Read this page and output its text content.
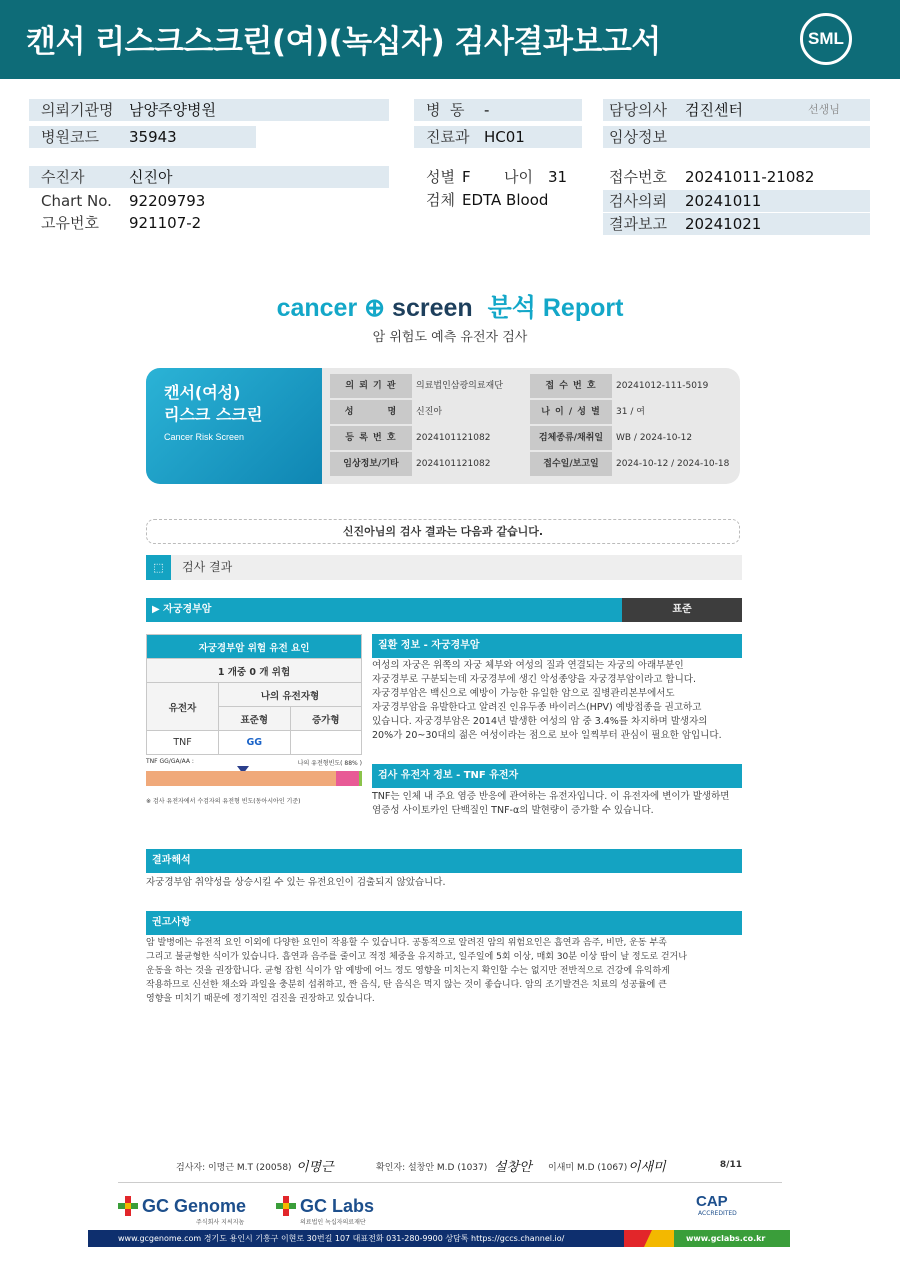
캔서 리스크스크린(여)(녹십자) 검사결과보고서	SML
의뢰기관명 남양주양병원
병원코드 35943
수진자	신진아
Chart No. 92209793
고유번호 921107-2
병  동 -
진료과 HC01
성별 F 나이 31
검체 EDTA Blood
담당의사 검진센터	선생님
임상정보
접수번호 20241011-21082
검사의뢰 20241011
결과보고 20241021
cancer ⊕ screen 분석 Report
암 위험도 예측 유전자 검사
캔서(여성)
리스크 스크린
Cancer Risk Screen
의 뢰 기 관	의료법인삼광의료재단	접 수 번 호	20241012-111-5019
성        명	신진아	나 이 / 성 별	31 / 여
등 록 번 호	2024101121082	검체종류/채취일	WB / 2024-10-12
임상정보/기타	2024101121082	접수일/보고일	2024-10-12 / 2024-10-18
신진아님의 검사 결과는 다음과 같습니다.
⬚	검사 결과
▶ 자궁경부암	표준
자궁경부암 위험 유전 요인		
1 개중 0 개 위험		
유전자	나의 유전자형	
	표준형	증가형
TNF	GG	
TNF GG/GA/AA :	나의 유전형빈도( 88% )
※ 검사 유전자에서 수검자의 유전형 빈도(동아시아인 기준)
질환 정보 - 자궁경부암
여성의 자궁은 위쪽의 자궁 체부와 여성의 질과 연결되는 자궁의 아래부분인
자궁경부로 구분되는데 자궁경부에 생긴 악성종양을 자궁경부암이라고 합니다.
자궁경부암은 백신으로 예방이 가능한 유일한 암으로 질병관리본부에서도
자궁경부암을 유발한다고 알려진 인유두종 바이러스(HPV) 예방접종을 권고하고
있습니다. 자궁경부암은 2014년 발생한 여성의 암 중 3.4%를 차지하며 발생자의
20%가 20~30대의 젊은 여성이라는 점으로 보아 일찍부터 관심이 필요한 암입니다.
검사 유전자 정보 - TNF 유전자
TNF는 인체 내 주요 염증 반응에 관여하는 유전자입니다. 이 유전자에 변이가 발생하면
염증성 사이토카인 단백질인 TNF-α의 발현량이 증가할 수 있습니다.
결과해석
자궁경부암 취약성을 상승시킬 수 있는 유전요인이 검출되지 않았습니다.
권고사항
암 발병에는 유전적 요인 이외에 다양한 요인이 작용할 수 있습니다. 공통적으로 알려진 암의 위험요인은 흡연과 음주, 비만, 운동 부족
그리고 불균형한 식이가 있습니다. 흡연과 음주를 줄이고 적정 체중을 유지하고, 일주일에 5회 이상, 매회 30분 이상 땀이 날 정도로 걷거나
운동을 하는 것을 권장합니다. 균형 잡힌 식이가 암 예방에 어느 정도 영향을 미치는지 확인할 수는 없지만 전반적으로 건강에 유익하게
작용하므로 신선한 채소와 과일을 충분히 섭취하고, 짠 음식, 탄 음식은 먹지 않는 것이 좋습니다. 암의 조기발견은 치료의 성공률에 큰
영향을 미치기 때문에 정기적인 검진을 권장하고 있습니다.
검사자: 이명근 M.T (20058) 이명근	확인자: 설창안 M.D (1037) 설창안 이새미 M.D (1067) 이새미	8/11
GC Genome
주식회사 지씨지놈
GC Labs
의료법인 녹십자의료재단
CAP
ACCREDITED
www.gcgenome.com 경기도 용인시 기흥구 이현로 30번길 107 대표전화 031-280-9900 상담톡 https://gccs.channel.io/	www.gclabs.co.kr
